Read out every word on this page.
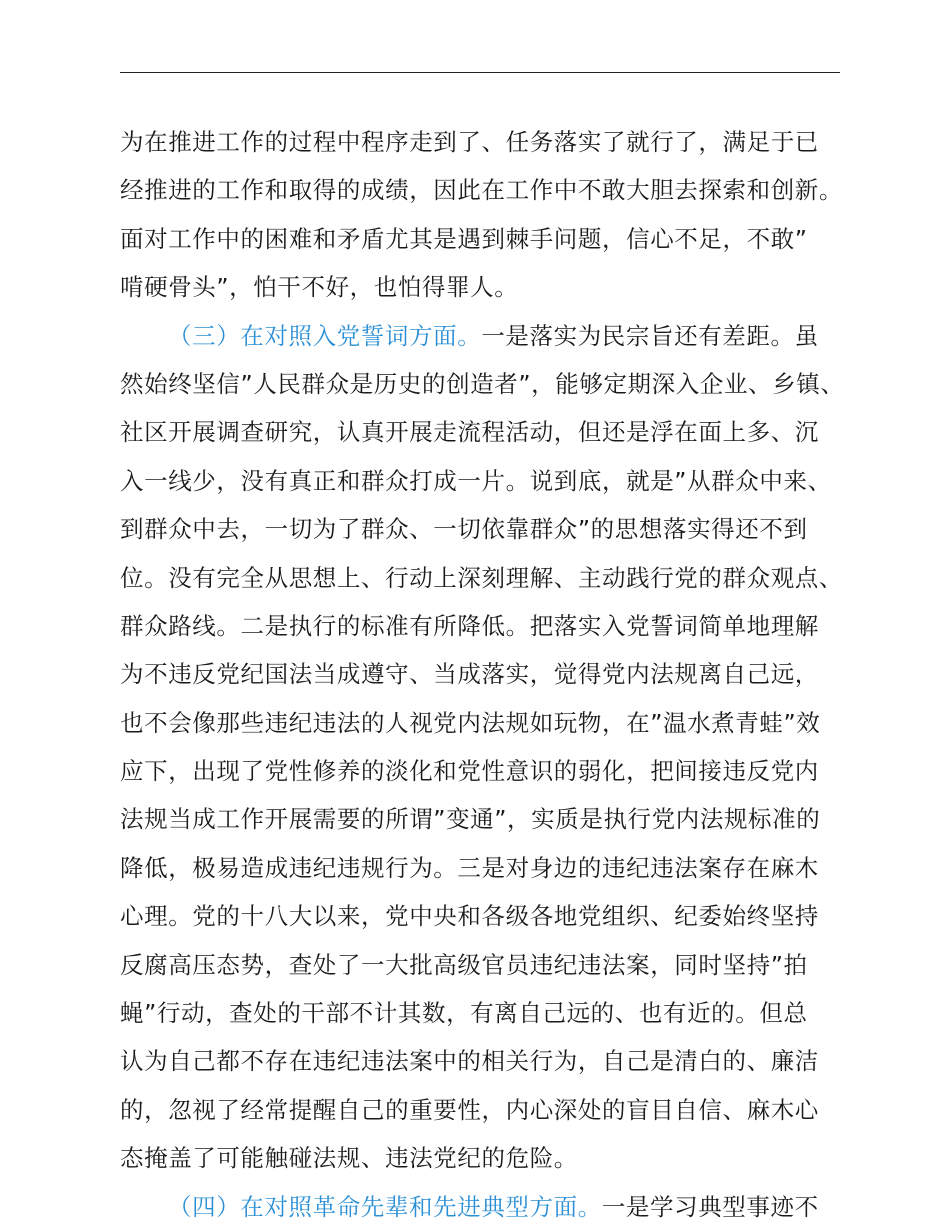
为在推进工作的过程中程序走到了、任务落实了就行了，满足于已
经推进的工作和取得的成绩，因此在工作中不敢大胆去探索和创新。
面对工作中的困难和矛盾尤其是遇到棘手问题，信心不足，不敢”
啃硬骨头”，怕干不好，也怕得罪人。
（三）在对照入党誓词方面。一是落实为民宗旨还有差距。虽
然始终坚信”人民群众是历史的创造者”，能够定期深入企业、乡镇、
社区开展调查研究，认真开展走流程活动，但还是浮在面上多、沉
入一线少，没有真正和群众打成一片。说到底，就是”从群众中来、
到群众中去，一切为了群众、一切依靠群众”的思想落实得还不到
位。没有完全从思想上、行动上深刻理解、主动践行党的群众观点、
群众路线。二是执行的标准有所降低。把落实入党誓词简单地理解
为不违反党纪国法当成遵守、当成落实，觉得党内法规离自己远，
也不会像那些违纪违法的人视党内法规如玩物，在”温水煮青蛙”效
应下，出现了党性修养的淡化和党性意识的弱化，把间接违反党内
法规当成工作开展需要的所谓”变通”，实质是执行党内法规标准的
降低，极易造成违纪违规行为。三是对身边的违纪违法案存在麻木
心理。党的十八大以来，党中央和各级各地党组织、纪委始终坚持
反腐高压态势，查处了一大批高级官员违纪违法案，同时坚持”拍
蝇”行动，查处的干部不计其数，有离自己远的、也有近的。但总
认为自己都不存在违纪违法案中的相关行为，自己是清白的、廉洁
的，忽视了经常提醒自己的重要性，内心深处的盲目自信、麻木心
态掩盖了可能触碰法规、违法党纪的危险。
（四）在对照革命先辈和先进典型方面。一是学习典型事迹不
